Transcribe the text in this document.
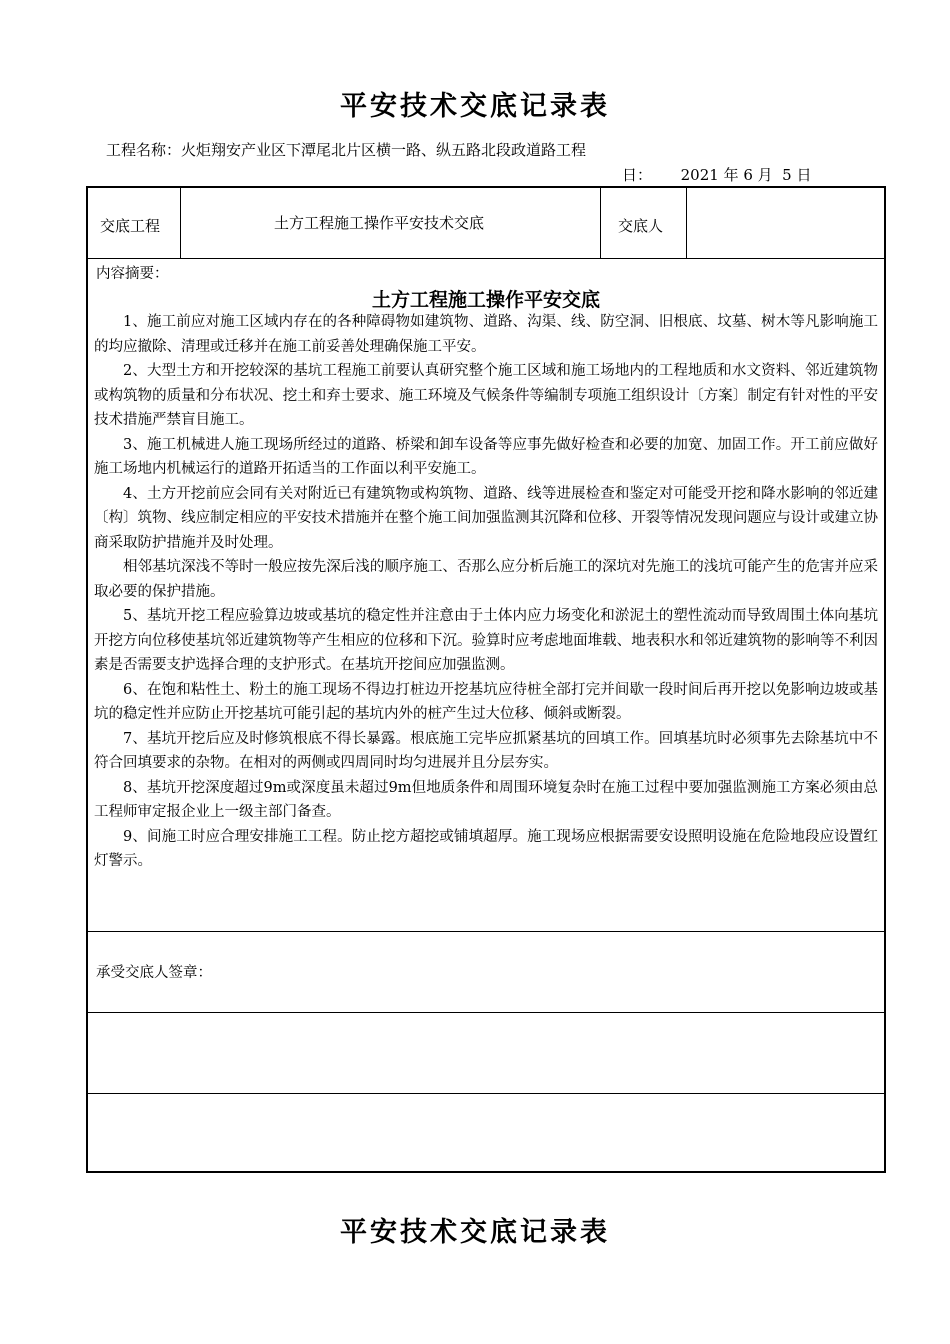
平安技术交底记录表
工程名称：火炬翔安产业区下潭尾北片区横一路、纵五路北段政道路工程
日： 2021 年 6 月  5 日
交底工程	土方工程施工操作平安技术交底	交底人
内容摘要：
土方工程施工操作平安交底

1、施工前应对施工区域内存在的各种障碍物如建筑物、道路、沟渠、线、防空洞、旧根底、坟墓、树木等凡影响施工的均应撤除、清理或迁移并在施工前妥善处理确保施工平安。

2、大型土方和开挖较深的基坑工程施工前要认真研究整个施工区域和施工场地内的工程地质和水文资料、邻近建筑物或构筑物的质量和分布状况、挖土和弃士要求、施工环境及气候条件等编制专项施工组织设计〔方案〕制定有针对性的平安技术措施严禁盲目施工。

3、施工机械进人施工现场所经过的道路、桥梁和卸车设备等应事先做好检查和必要的加宽、加固工作。开工前应做好施工场地内机械运行的道路开拓适当的工作面以利平安施工。

4、土方开挖前应会同有关对附近已有建筑物或构筑物、道路、线等进展检查和鉴定对可能受开挖和降水影响的邻近建〔构〕筑物、线应制定相应的平安技术措施并在整个施工间加强监测其沉降和位移、开裂等情况发现问题应与设计或建立协商采取防护措施并及时处理。

相邻基坑深浅不等时一般应按先深后浅的顺序施工、否那么应分析后施工的深坑对先施工的浅坑可能产生的危害并应采取必要的保护措施。

5、基坑开挖工程应验算边坡或基坑的稳定性并注意由于土体内应力场变化和淤泥土的塑性流动而导致周围土体向基坑开挖方向位移使基坑邻近建筑物等产生相应的位移和下沉。验算时应考虑地面堆载、地表积水和邻近建筑物的影响等不利因素是否需要支护选择合理的支护形式。在基坑开挖间应加强监测。

6、在饱和粘性土、粉土的施工现场不得边打桩边开挖基坑应待桩全部打完并间歇一段时间后再开挖以免影响边坡或基坑的稳定性并应防止开挖基坑可能引起的基坑内外的桩产生过大位移、倾斜或断裂。

7、基坑开挖后应及时修筑根底不得长暴露。根底施工完毕应抓紧基坑的回填工作。回填基坑时必须事先去除基坑中不符合回填要求的杂物。在相对的两侧或四周同时均匀进展并且分层夯实。

8、基坑开挖深度超过9m或深度虽未超过9m但地质条件和周围环境复杂时在施工过程中要加强监测施工方案必须由总工程师审定报企业上一级主部门备查。

9、间施工时应合理安排施工工程。防止挖方超挖或铺填超厚。施工现场应根据需要安设照明设施在危险地段应设置红灯警示。

承受交底人签章：
平安技术交底记录表
